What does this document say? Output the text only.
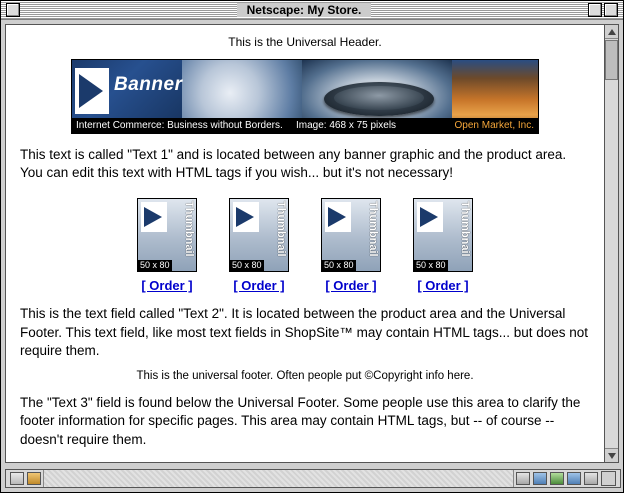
Netscape: My Store.
This is the Universal Header.
Banner
Internet Commerce: Business without Borders. Image: 468 x 75 pixels	Open Market, Inc.

This text is called "Text 1" and is located between any banner graphic and the product area. You can edit this text with HTML tags if you wish... but it's not necessary!

Thumbnail
50 x 80
[ Order ]
Thumbnail
50 x 80
[ Order ]
Thumbnail
50 x 80
[ Order ]
Thumbnail
50 x 80
[ Order ]

This is the text field called "Text 2". It is located between the product area and the Universal Footer. This text field, like most text fields in ShopSite™ may contain HTML tags... but does not require them.

This is the universal footer. Often people put ©Copyright info here.

The "Text 3" field is found below the Universal Footer. Some people use this area to clarify the footer information for specific pages. This area may contain HTML tags, but -- of course -- doesn't require them.
